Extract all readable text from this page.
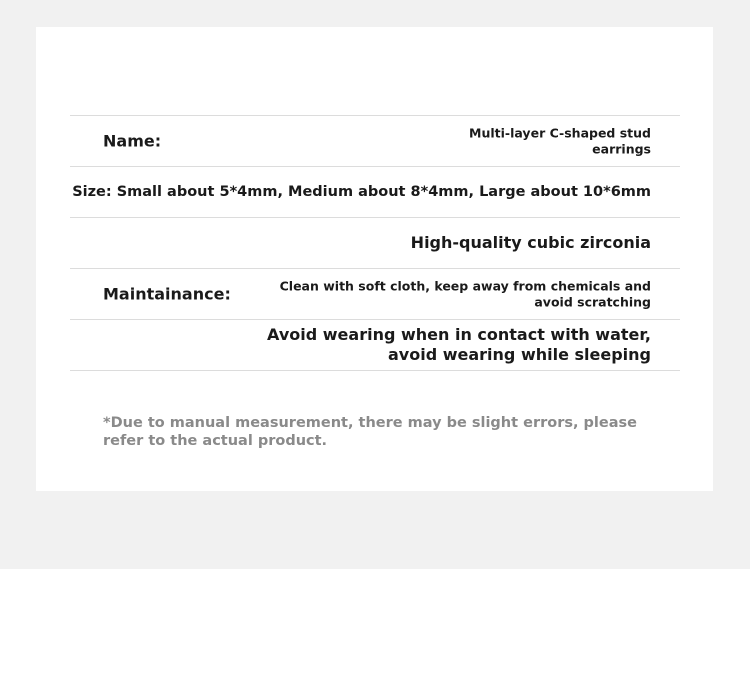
Name:	Multi-layer C-shaped stud earrings
Size: Small about 5*4mm, Medium about 8*4mm, Large about 10*6mm
High-quality cubic zirconia
Maintainance:	Clean with soft cloth, keep away from chemicals and avoid scratching
Avoid wearing when in contact with water, avoid wearing while sleeping
*Due to manual measurement, there may be slight errors, please refer to the actual product.
